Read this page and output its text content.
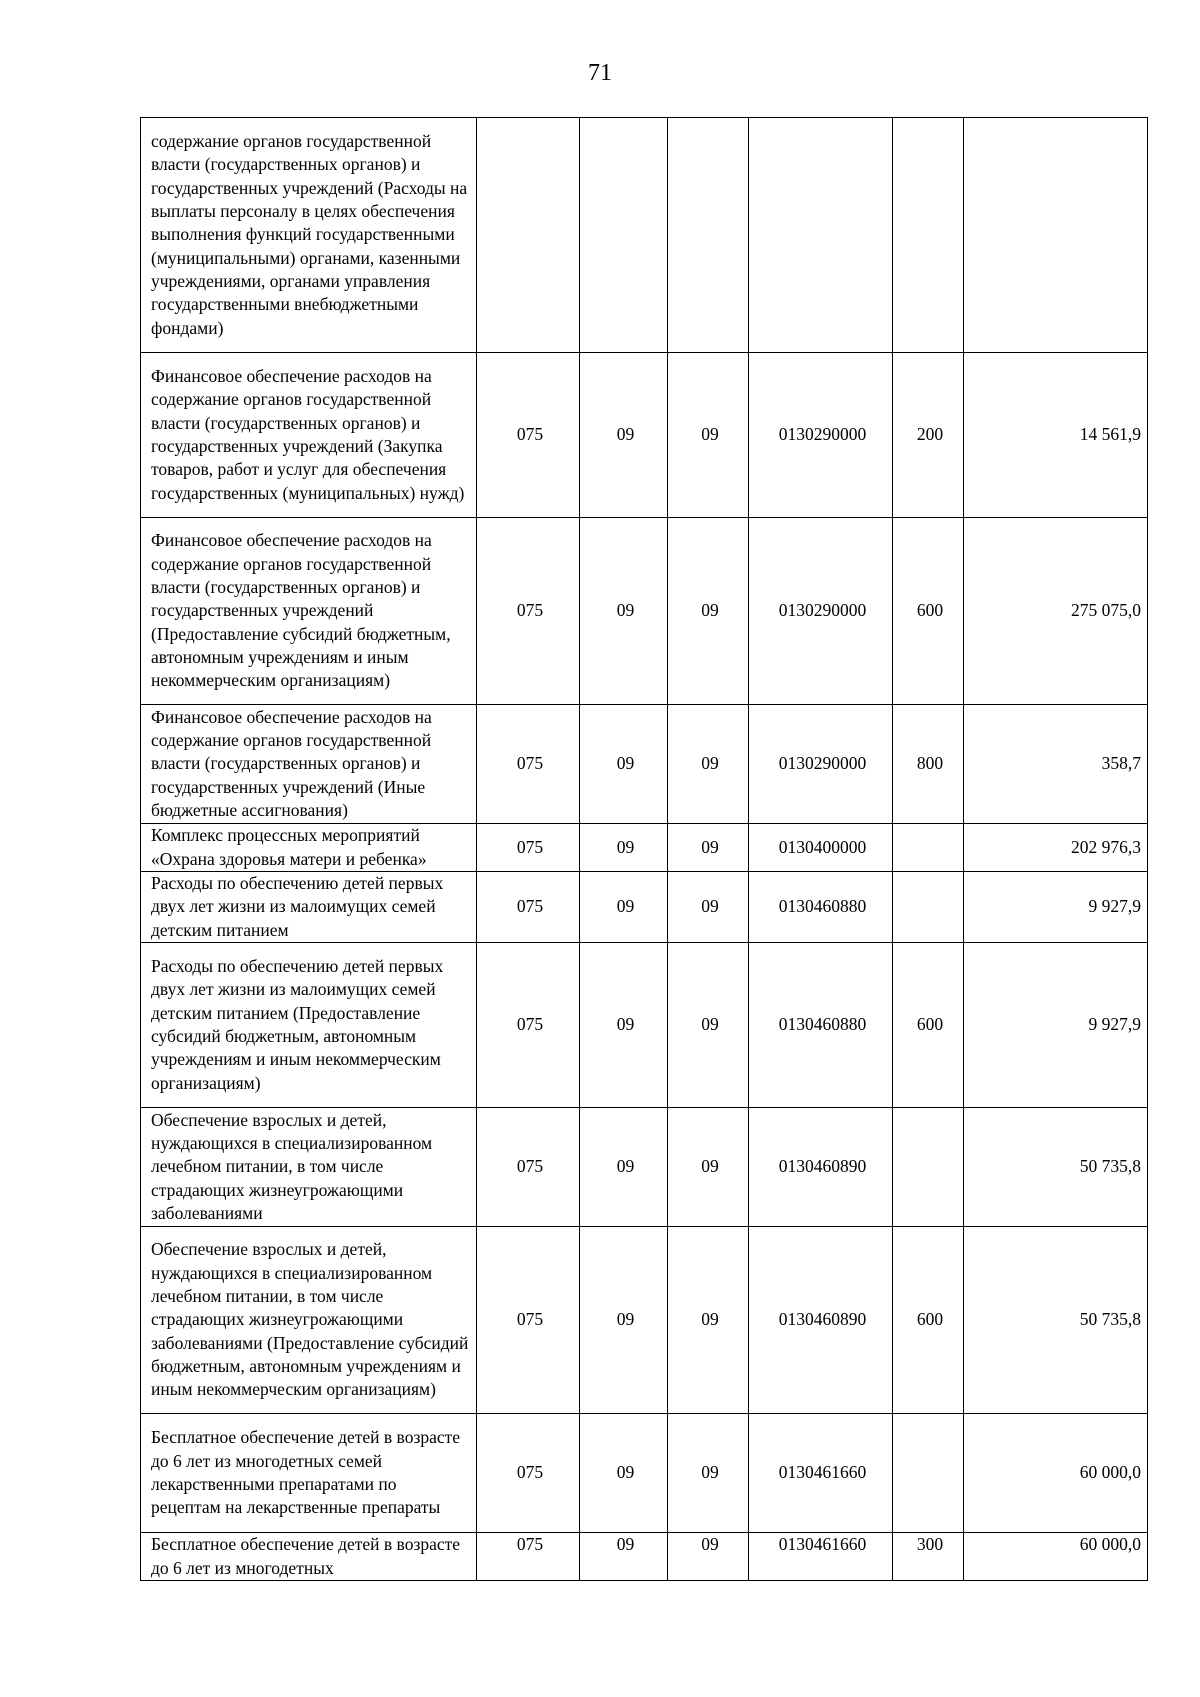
71
содержание органов государственной власти (государственных органов) и государственных учреждений (Расходы на выплаты персоналу в целях обеспечения выполнения функций государственными (муниципальными) органами, казенными учреждениями, органами управления государственными внебюджетными фондами)						
Финансовое обеспечение расходов на содержание органов государственной власти (государственных органов) и государственных учреждений (Закупка товаров, работ и услуг для обеспечения государственных (муниципальных) нужд)	075	09	09	0130290000	200	14 561,9
Финансовое обеспечение расходов на содержание органов государственной власти (государственных органов) и государственных учреждений (Предоставление субсидий бюджетным, автономным учреждениям и иным некоммерческим организациям)	075	09	09	0130290000	600	275 075,0
Финансовое обеспечение расходов на содержание органов государственной власти (государственных органов) и государственных учреждений (Иные бюджетные ассигнования)	075	09	09	0130290000	800	358,7
Комплекс процессных мероприятий «Охрана здоровья матери и ребенка»	075	09	09	0130400000		202 976,3
Расходы по обеспечению детей первых двух лет жизни из малоимущих семей детским питанием	075	09	09	0130460880		9 927,9
Расходы по обеспечению детей первых двух лет жизни из малоимущих семей детским питанием (Предоставление субсидий бюджетным, автономным учреждениям и иным некоммерческим организациям)	075	09	09	0130460880	600	9 927,9
Обеспечение взрослых и детей, нуждающихся в специализированном лечебном питании, в том числе страдающих жизнеугрожающими заболеваниями	075	09	09	0130460890		50 735,8
Обеспечение взрослых и детей, нуждающихся в специализированном лечебном питании, в том числе страдающих жизнеугрожающими заболеваниями (Предоставление субсидий бюджетным, автономным учреждениям и иным некоммерческим организациям)	075	09	09	0130460890	600	50 735,8
Бесплатное обеспечение детей в возрасте до 6 лет из многодетных семей лекарственными препаратами по рецептам на лекарственные препараты	075	09	09	0130461660		60 000,0
Бесплатное обеспечение детей в возрасте до 6 лет из многодетных	075	09	09	0130461660	300	60 000,0
